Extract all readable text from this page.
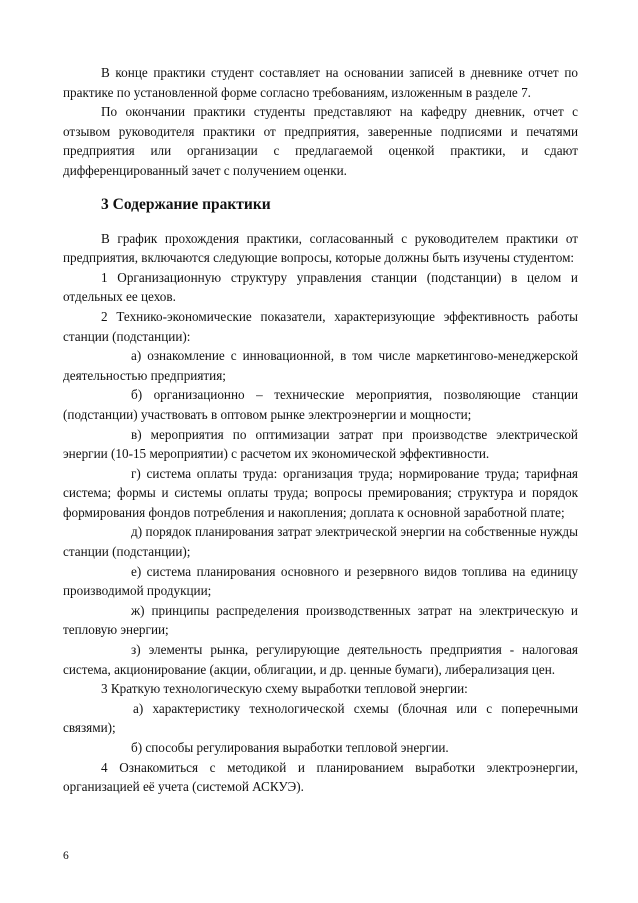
В конце практики студент составляет на основании записей в дневнике отчет по практике по установленной форме согласно требованиям, изложенным в разделе 7.

По окончании практики студенты представляют на кафедру дневник, отчет с отзывом руководителя практики от предприятия, заверенные подписями и печатями предприятия или организации с предлагаемой оценкой практики, и сдают дифференцированный зачет с получением оценки.

3 Содержание практики

В график прохождения практики, согласованный с руководителем практики от предприятия, включаются следующие вопросы, которые должны быть изучены студентом:

1 Организационную структуру управления станции (подстанции) в целом и отдельных ее цехов.

2 Технико-экономические показатели, характеризующие эффективность работы станции (подстанции):

а) ознакомление с инновационной, в том числе маркетингово-менеджерской деятельностью предприятия;

б) организационно – технические мероприятия, позволяющие станции (подстанции) участвовать в оптовом рынке электроэнергии и мощности;

в) мероприятия по оптимизации затрат при производстве электрической энергии (10-15 мероприятии) с расчетом их экономической эффективности.

г) система оплаты труда: организация труда; нормирование труда; тарифная система; формы и системы оплаты труда; вопросы премирования; структура и порядок формирования фондов потребления и накопления; доплата к основной заработной плате;

д) порядок планирования затрат электрической энергии на собственные нужды станции (подстанции);

е) система планирования основного и резервного видов топлива на единицу производимой продукции;

ж) принципы распределения производственных затрат на электрическую и тепловую энергии;

з) элементы рынка, регулирующие деятельность предприятия - налоговая система, акционирование (акции, облигации, и др. ценные бумаги), либерализация цен.

3 Краткую технологическую схему выработки тепловой энергии:

а) характеристику технологической схемы (блочная или с поперечными связями);

б) способы регулирования выработки тепловой энергии.

4 Ознакомиться с методикой и планированием выработки электроэнергии, организацией её учета (системой АСКУЭ).

6
